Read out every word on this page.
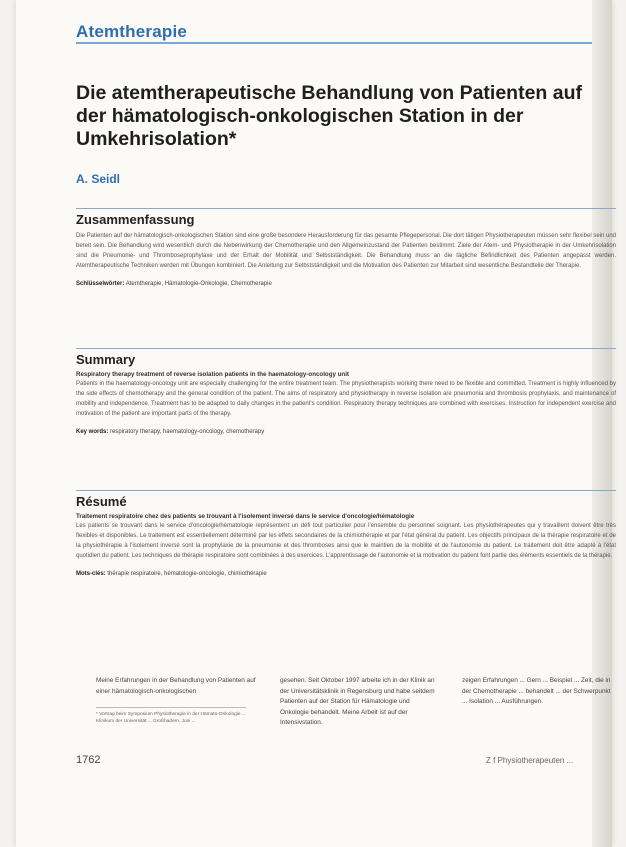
Atemtherapie
Die atemtherapeutische Behandlung von Patienten auf der hämatologisch-onkologischen Station in der Umkehrisolation*
A. Seidl
Zusammenfassung

Die Patienten auf der hämatologisch-onkologischen Station sind eine große besondere Herausforderung für das gesamte Pflegepersonal. Die dort tätigen Physiotherapeuten müssen sehr flexibel sein und bereit sein. Die Behandlung wird wesentlich durch die Nebenwirkung der Chemotherapie und den Allgemeinzustand der Patienten bestimmt. Ziele der Atem- und Physiotherapie in der Umkehrisolation sind die Pneumonie- und Thromboseprophylaxe und der Erhalt der Mobilität und Selbstständigkeit. Die Behandlung muss an die tägliche Befindlichkeit des Patienten angepasst werden. Atemtherapeutische Techniken werden mit Übungen kombiniert. Die Anleitung zur Selbstständigkeit und die Motivation des Patienten zur Mitarbeit sind wesentliche Bestandteile der Therapie.

Schlüsselwörter: Atemtherapie, Hämatologie-Onkologie, Chemotherapie

Summary

Respiratory therapy treatment of reverse isolation patients in the haematology-oncology unit

Patients in the haematology-oncology unit are especially challenging for the entire treatment team. The physiotherapists working there need to be flexible and committed. Treatment is highly influenced by the side effects of chemotherapy and the general condition of the patient. The aims of respiratory and physiotherapy in reverse isolation are pneumonia and thrombosis prophylaxis, and maintenance of mobility and independence. Treatment has to be adapted to daily changes in the patient's condition. Respiratory therapy techniques are combined with exercises. Instruction for independent exercise and motivation of the patient are important parts of the therapy.

Key words: respiratory therapy, haematology-oncology, chemotherapy

Résumé

Traitement respiratoire chez des patients se trouvant à l'isolement inversé dans le service d'oncologie/hématologie

Les patients se trouvant dans le service d'oncologie/hématologie représentent un défi tout particulier pour l'ensemble du personnel soignant. Les physiothérapeutes qui y travaillent doivent être très flexibles et disponibles. Le traitement est essentiellement déterminé par les effets secondaires de la chimiothérapie et par l'état général du patient. Les objectifs principaux de la thérapie respiratoire et de la physiothérapie à l'isolement inversé sont la prophylaxie de la pneumonie et des thromboses ainsi que le maintien de la mobilité et de l'autonomie du patient. Le traitement doit être adapté à l'état quotidien du patient. Les techniques de thérapie respiratoire sont combinées à des exercices. L'apprentissage de l'autonomie et la motivation du patient font partie des éléments essentiels de la thérapie.

Mots-clés: thérapie respiratoire, hématologie-oncologie, chimiothérapie

Meine Erfahrungen in der Behandlung von Patienten auf einer hämatologisch-onkologischen
* Vortrag beim Symposium Physiotherapie in der Hämato-Onkologie ... Klinikum der Universität ... Großhadern, Juni ...
gesehen. Seit Oktober 1997 arbeite ich in der Klinik an der Universitätsklinik in Regensburg und habe seitdem Patienten auf der Station für Hämatologie und Onkologie behandelt. Meine Arbeit ist auf der Intensivstation.
zeigen Erfahrungen ... Gern ... Beispiel ... Zeit, die in der Chemotherapie ... behandelt ... der Schwerpunkt ... Isolation ... Ausführungen.
1762	Z f Physiotherapeuten ...
